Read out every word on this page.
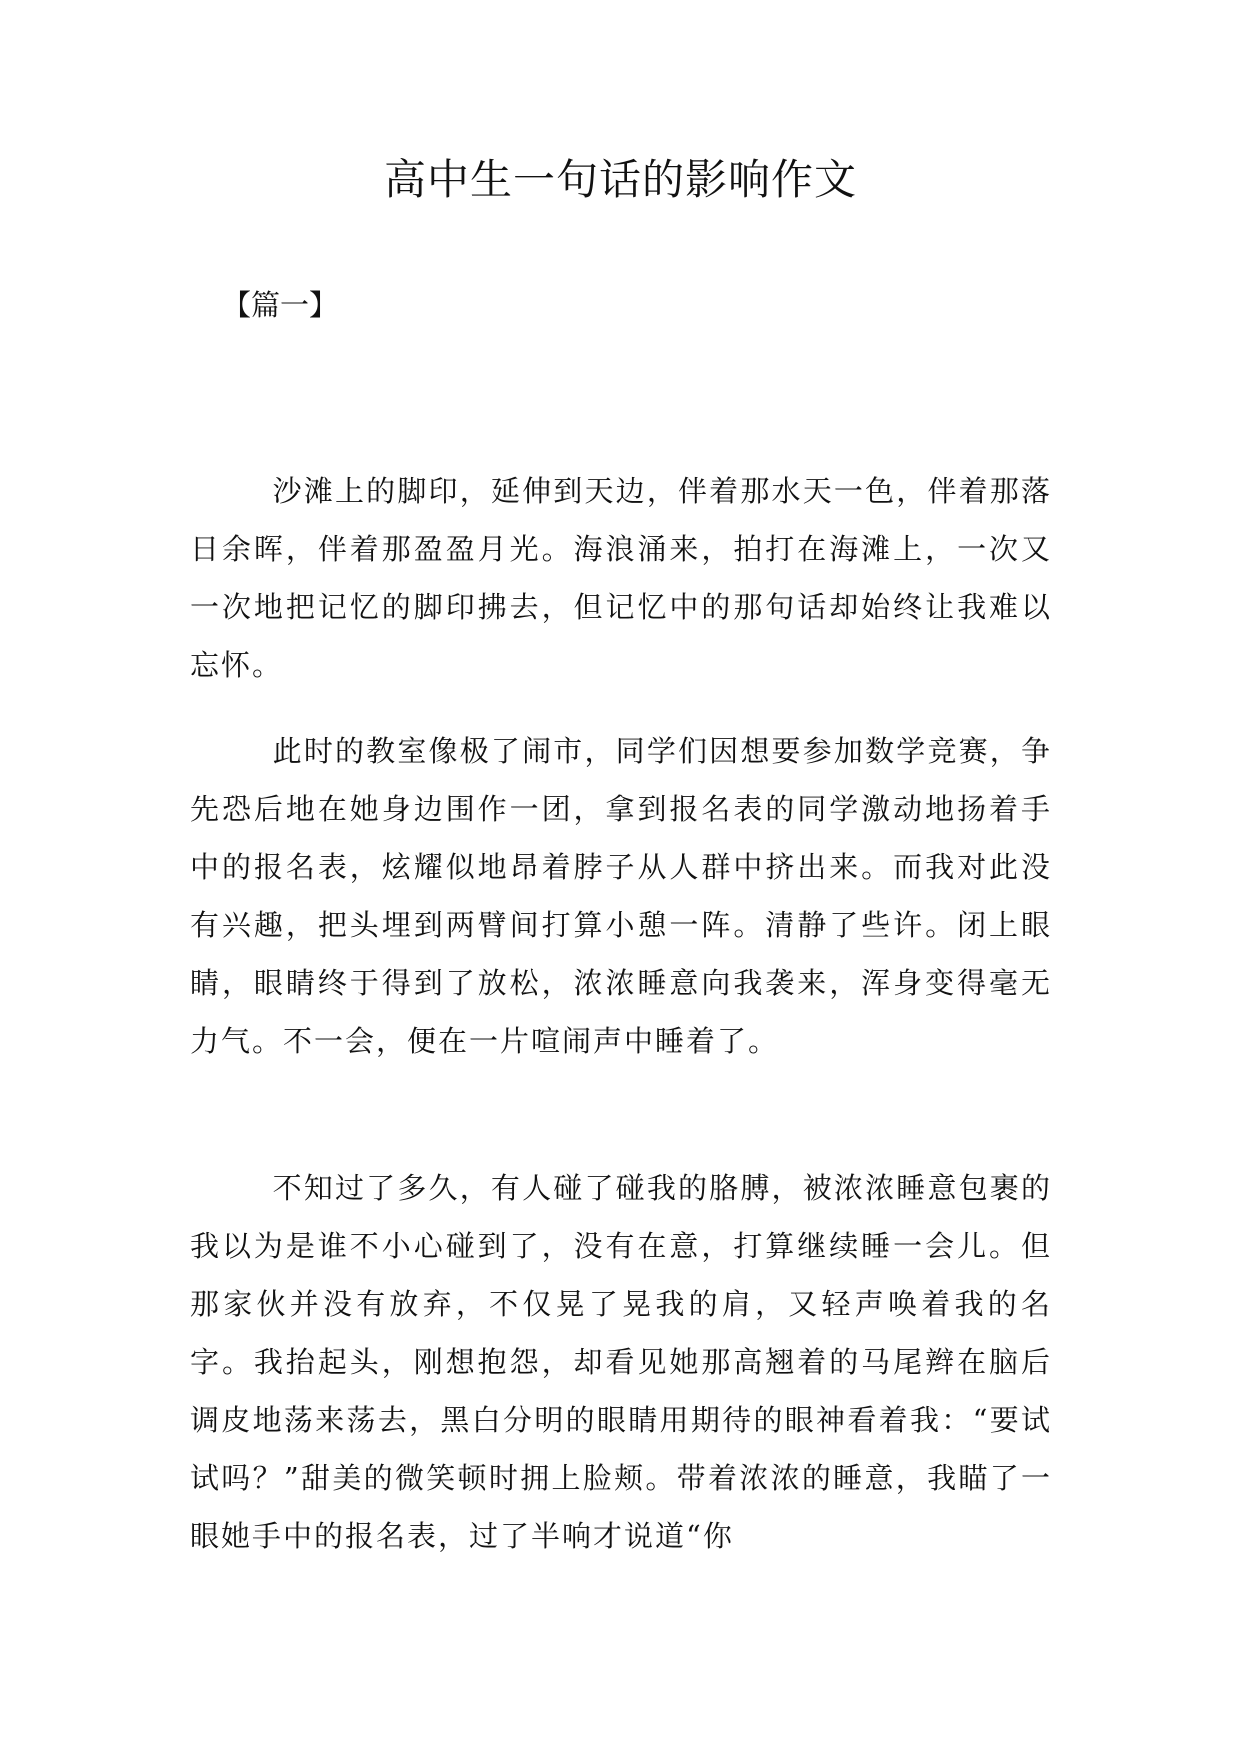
高中生一句话的影响作文

【篇一】

沙滩上的脚印，延伸到天边，伴着那水天一色，伴着那落日余晖，伴着那盈盈月光。海浪涌来，拍打在海滩上，一次又一次地把记忆的脚印拂去，但记忆中的那句话却始终让我难以忘怀。

此时的教室像极了闹市，同学们因想要参加数学竞赛，争先恐后地在她身边围作一团，拿到报名表的同学激动地扬着手中的报名表，炫耀似地昂着脖子从人群中挤出来。而我对此没有兴趣，把头埋到两臂间打算小憩一阵。清静了些许。闭上眼睛，眼睛终于得到了放松，浓浓睡意向我袭来，浑身变得毫无力气。不一会，便在一片喧闹声中睡着了。

不知过了多久，有人碰了碰我的胳膊，被浓浓睡意包裹的我以为是谁不小心碰到了，没有在意，打算继续睡一会儿。但那家伙并没有放弃，不仅晃了晃我的肩，又轻声唤着我的名字。我抬起头，刚想抱怨，却看见她那高翘着的马尾辫在脑后调皮地荡来荡去，黑白分明的眼睛用期待的眼神看着我：“要试试吗？”甜美的微笑顿时拥上脸颊。带着浓浓的睡意，我瞄了一眼她手中的报名表，过了半响才说道“你
